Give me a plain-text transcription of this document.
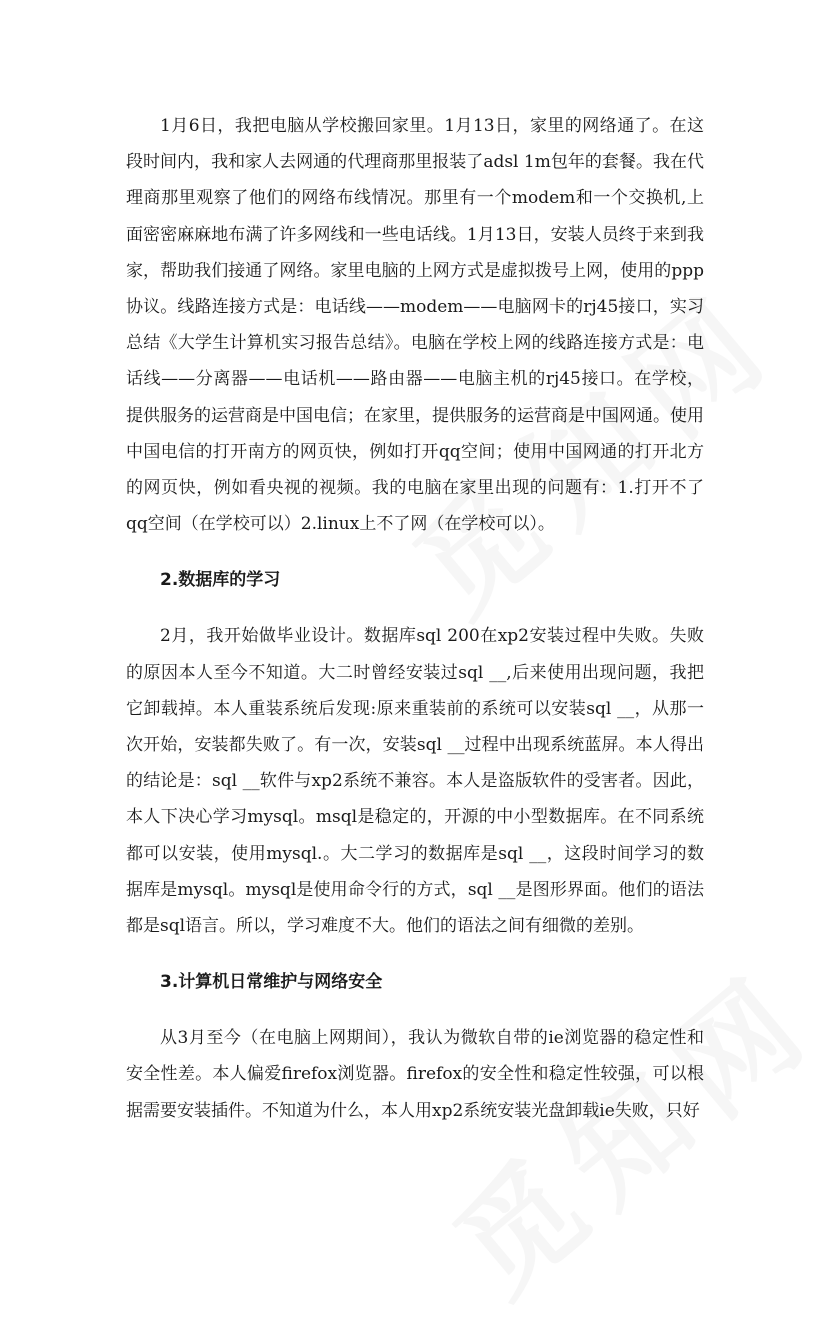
1月6日，我把电脑从学校搬回家里。1月13日，家里的网络通了。在这段时间内，我和家人去网通的代理商那里报装了adsl 1m包年的套餐。我在代理商那里观察了他们的网络布线情况。那里有一个modem和一个交换机,上面密密麻麻地布满了许多网线和一些电话线。1月13日，安装人员终于来到我家，帮助我们接通了网络。家里电脑的上网方式是虚拟拨号上网，使用的ppp协议。线路连接方式是：电话线——modem——电脑网卡的rj45接口，实习总结《大学生计算机实习报告总结》。电脑在学校上网的线路连接方式是：电话线——分离器——电话机——路由器——电脑主机的rj45接口。在学校，提供服务的运营商是中国电信；在家里，提供服务的运营商是中国网通。使用中国电信的打开南方的网页快，例如打开qq空间；使用中国网通的打开北方的网页快，例如看央视的视频。我的电脑在家里出现的问题有：1.打开不了qq空间（在学校可以）2.linux上不了网（在学校可以）。

2.数据库的学习

2月，我开始做毕业设计。数据库sql 200在xp2安装过程中失败。失败的原因本人至今不知道。大二时曾经安装过sql __,后来使用出现问题，我把它卸载掉。本人重装系统后发现:原来重装前的系统可以安装sql __，从那一次开始，安装都失败了。有一次，安装sql __过程中出现系统蓝屏。本人得出的结论是：sql __软件与xp2系统不兼容。本人是盗版软件的受害者。因此，本人下决心学习mysql。msql是稳定的，开源的中小型数据库。在不同系统都可以安装，使用mysql.。大二学习的数据库是sql __，这段时间学习的数据库是mysql。mysql是使用命令行的方式，sql __是图形界面。他们的语法都是sql语言。所以，学习难度不大。他们的语法之间有细微的差别。

3.计算机日常维护与网络安全

从3月至今（在电脑上网期间），我认为微软自带的ie浏览器的稳定性和安全性差。本人偏爱firefox浏览器。firefox的安全性和稳定性较强，可以根据需要安装插件。不知道为什么，本人用xp2系统安装光盘卸载ie失败，只好
